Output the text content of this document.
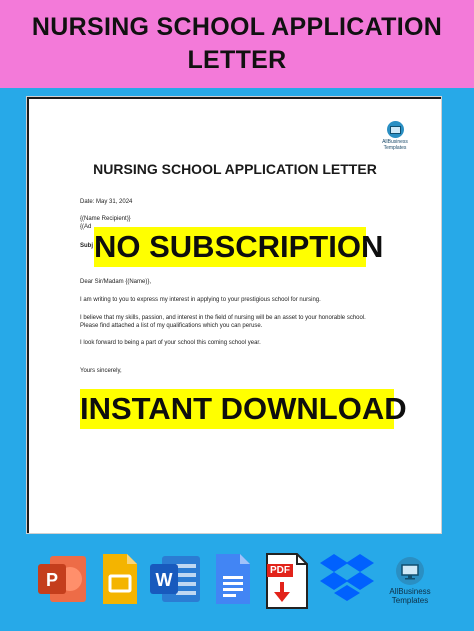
NURSING SCHOOL APPLICATION
LETTER
AllBusiness
Templates

NURSING SCHOOL APPLICATION LETTER

Date: May 31, 2024

{(Name Recipient)}

{(Ad

Subj

Dear Sir/Madam {(Name)},

I am writing to you to express my interest in applying to your prestigious school for nursing.

I believe that my skills, passion, and interest in the field of nursing will be an asset to your honorable school. Please find attached a list of my qualifications which you can peruse.

I look forward to being a part of your school this coming school year.

Yours sincerely,

NO SUBSCRIPTION
INSTANT DOWNLOAD
P	W	PDF
AllBusiness
Templates
